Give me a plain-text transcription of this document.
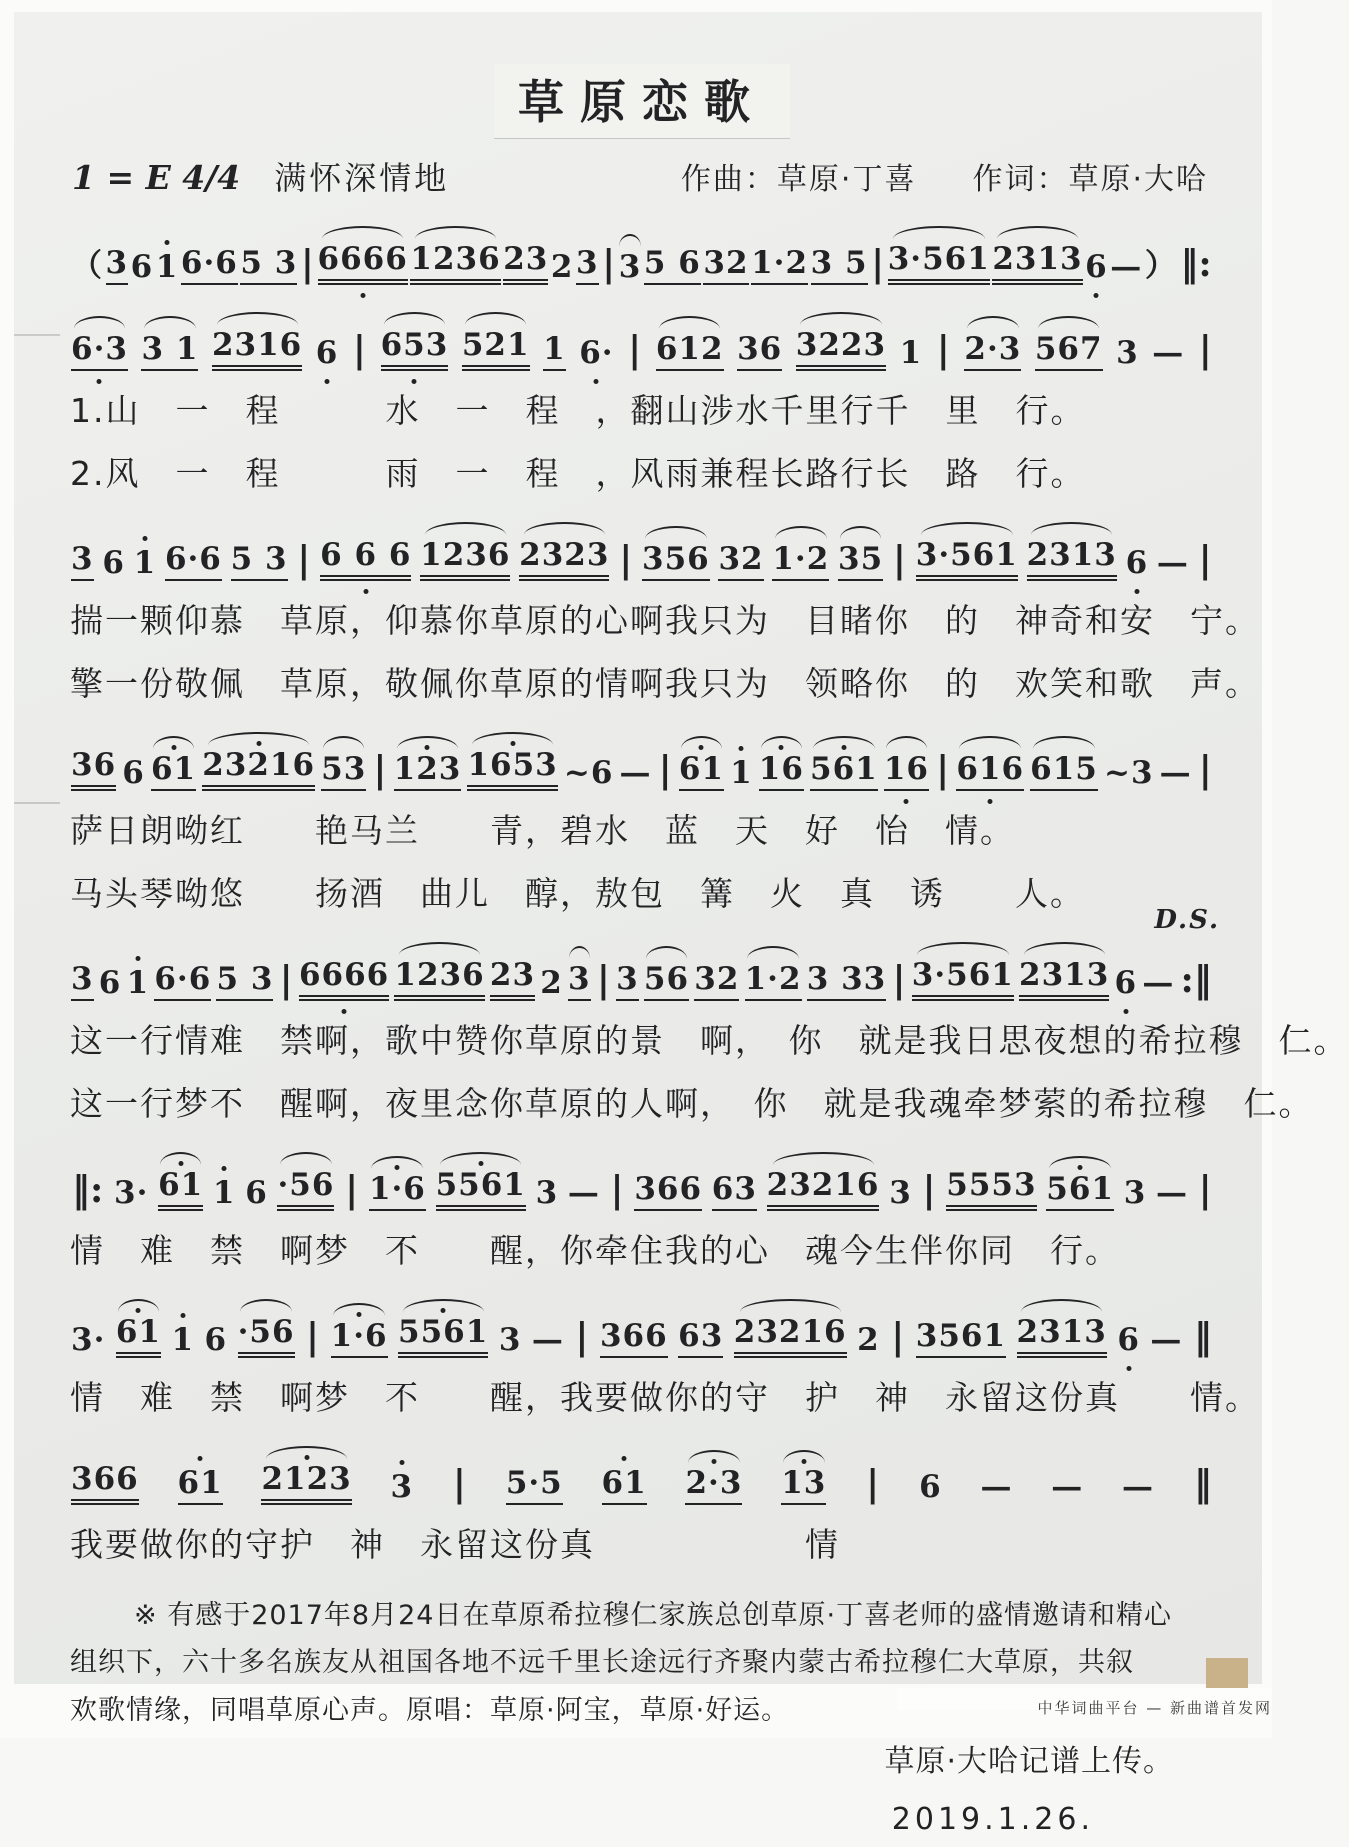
草原恋歌
1 = E 4/4 满怀深情地	作曲：草原·丁喜 作词：草原·大哈
（ 3 6 1 6·6 5 3 | 6666 1236 23 2 3 | 3 5 6 32 1·2 3 5 | 3·561 2313 6 — ） ‖:
6·3 3 1 2316 6 | 653 521 1 6· | 612 36 3223 1 | 2·3 567 3 — |
1.山　一　程　　　水　一　程　，翻山涉水千里行千　里　行。
2.风　一　程　　　雨　一　程　，风雨兼程长路行长　路　行。
3 6 1 6·6 5 3 | 6 6 6 1236 2323 | 356 32 1·2 35 | 3·561 2313 6 — |
揣一颗仰慕　草原，仰慕你草原的心啊我只为　目睹你　的　神奇和安　宁。
擎一份敬佩　草原，敬佩你草原的情啊我只为　领略你　的　欢笑和歌　声。
36 6 61 23216 53 | 123 1653 ~6 — | 61 1 16 561 16 | 616 615 ~3 — |
萨日朗呦红　　艳马兰　　青，碧水　蓝　天　好　怡　情。
马头琴呦悠　　扬酒　曲儿　醇，敖包　篝　火　真　诱　　人。
D.S.
3 6 1 6·6 5 3 | 6666 1236 23 2 3 | 3 56 32 1·2 3 33 | 3·561 2313 6 — :‖
这一行情难　禁啊，歌中赞你草原的景　啊，　你　就是我日思夜想的希拉穆　仁。
这一行梦不　醒啊，夜里念你草原的人啊，　你　就是我魂牵梦萦的希拉穆　仁。
‖: 3· 61 1 6 ·56 | 1·6 5561 3 — | 366 63 23216 3 | 5553 561 3 — |
情　难　禁　啊梦　不　　醒，你牵住我的心　魂今生伴你同　行。
3· 61 1 6 ·56 | 1·6 5561 3 — | 366 63 23216 2 | 3561 2313 6 — ‖
情　难　禁　啊梦　不　　醒，我要做你的守　护　神　永留这份真　　情。
366 61 2123 3 | 5·5 61 2·3 13 | 6 — — — ‖
我要做你的守护　神　永留这份真　　　　　　情
※ 有感于2017年8月24日在草原希拉穆仁家族总创草原·丁喜老师的盛情邀请和精心
组织下，六十多名族友从祖国各地不远千里长途远行齐聚内蒙古希拉穆仁大草原，共叙
欢歌情缘，同唱草原心声。原唱：草原·阿宝，草原·好运。
草原·大哈记谱上传。
2019.1.26.
中华词曲平台 — 新曲谱首发网
